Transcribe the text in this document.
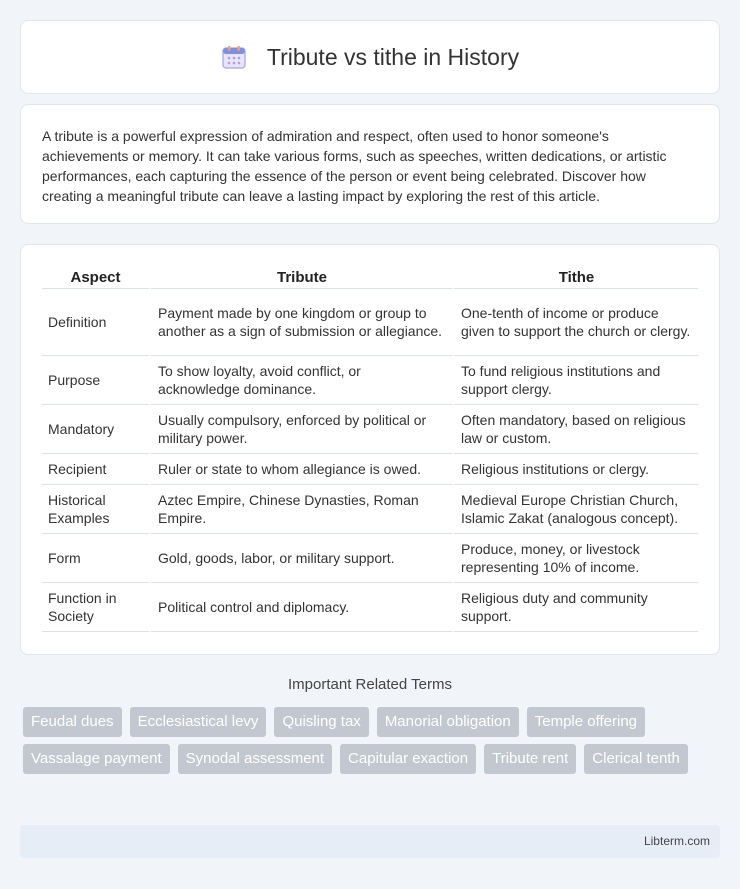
Tribute vs tithe in History

A tribute is a powerful expression of admiration and respect, often used to honor someone's achievements or memory. It can take various forms, such as speeches, written dedications, or artistic performances, each capturing the essence of the person or event being celebrated. Discover how creating a meaningful tribute can leave a lasting impact by exploring the rest of this article.

Aspect	Tribute	Tithe
Definition	Payment made by one kingdom or group to another as a sign of submission or allegiance.	One-tenth of income or produce given to support the church or clergy.
Purpose	To show loyalty, avoid conflict, or acknowledge dominance.	To fund religious institutions and support clergy.
Mandatory	Usually compulsory, enforced by political or military power.	Often mandatory, based on religious law or custom.
Recipient	Ruler or state to whom allegiance is owed.	Religious institutions or clergy.
Historical Examples	Aztec Empire, Chinese Dynasties, Roman Empire.	Medieval Europe Christian Church, Islamic Zakat (analogous concept).
Form	Gold, goods, labor, or military support.	Produce, money, or livestock representing 10% of income.
Function in Society	Political control and diplomacy.	Religious duty and community support.
Important Related Terms
Feudal dues	Ecclesiastical levy	Quisling tax	Manorial obligation	Temple offering
Vassalage payment	Synodal assessment	Capitular exaction	Tribute rent	Clerical tenth
Libterm.com
